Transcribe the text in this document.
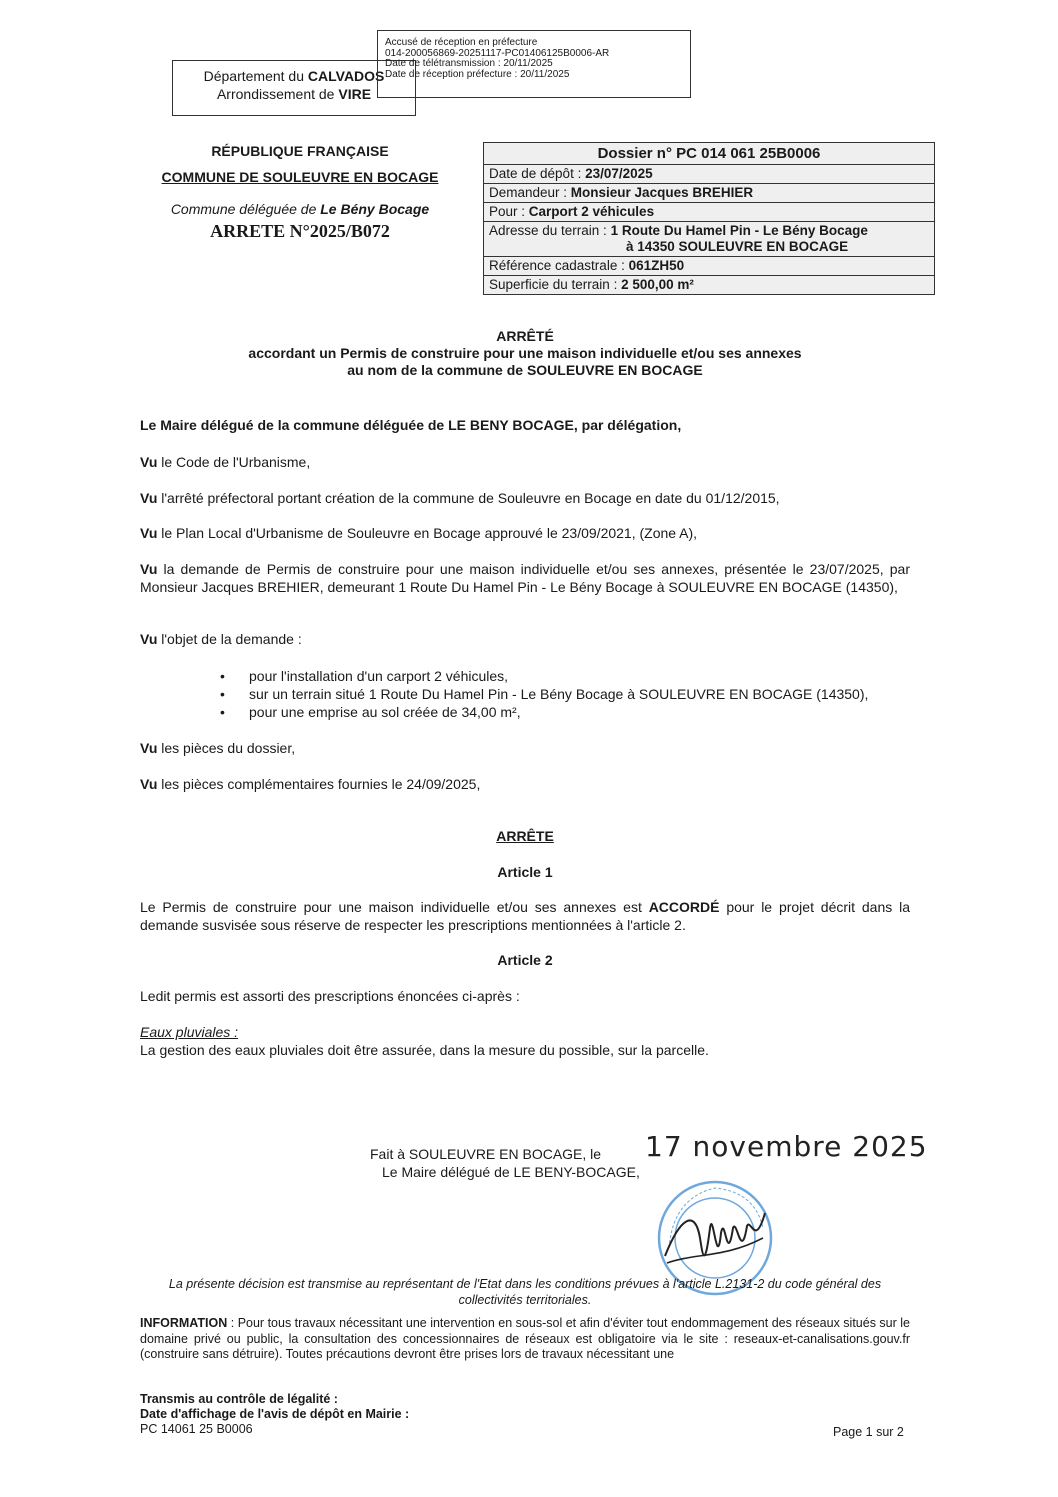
Département du CALVADOS
Arrondissement de VIRE
Accusé de réception en préfecture
014-200056869-20251117-PC01406125B0006-AR
Date de télétransmission : 20/11/2025
Date de réception préfecture : 20/11/2025
RÉPUBLIQUE FRANÇAISE
COMMUNE DE SOULEUVRE EN BOCAGE
Commune déléguée de Le Bény Bocage
ARRETE N°2025/B072
Dossier n° PC 014 061 25B0006
Date de dépôt : 23/07/2025
Demandeur : Monsieur Jacques BREHIER
Pour : Carport 2 véhicules
Adresse du terrain : 1 Route Du Hamel Pin - Le Bény Bocage
à 14350 SOULEUVRE EN BOCAGE
Référence cadastrale : 061ZH50
Superficie du terrain : 2 500,00 m²
ARRÊTÉ
accordant un Permis de construire pour une maison individuelle et/ou ses annexes
au nom de la commune de SOULEUVRE EN BOCAGE
Le Maire délégué de la commune déléguée de LE BENY BOCAGE, par délégation,
Vu le Code de l'Urbanisme,
Vu l'arrêté préfectoral portant création de la commune de Souleuvre en Bocage en date du 01/12/2015,
Vu le Plan Local d'Urbanisme de Souleuvre en Bocage approuvé le 23/09/2021, (Zone A),
Vu la demande de Permis de construire pour une maison individuelle et/ou ses annexes, présentée le 23/07/2025, par Monsieur Jacques BREHIER, demeurant 1 Route Du Hamel Pin - Le Bény Bocage à SOULEUVRE EN BOCAGE (14350),
Vu l'objet de la demande :
• pour l'installation d'un carport 2 véhicules,
• sur un terrain situé 1 Route Du Hamel Pin - Le Bény Bocage à SOULEUVRE EN BOCAGE (14350),
• pour une emprise au sol créée de 34,00 m²,
Vu les pièces du dossier,
Vu les pièces complémentaires fournies le 24/09/2025,
ARRÊTE
Article 1
Le Permis de construire pour une maison individuelle et/ou ses annexes est ACCORDÉ pour le projet décrit dans la demande susvisée sous réserve de respecter les prescriptions mentionnées à l'article 2.
Article 2
Ledit permis est assorti des prescriptions énoncées ci-après :
Eaux pluviales :
La gestion des eaux pluviales doit être assurée, dans la mesure du possible, sur la parcelle.
Fait à SOULEUVRE EN BOCAGE, le 17 novembre 2025
Le Maire délégué de LE BENY-BOCAGE,
La présente décision est transmise au représentant de l'Etat dans les conditions prévues à l'article L.2131-2 du code général des collectivités territoriales.
INFORMATION : Pour tous travaux nécessitant une intervention en sous-sol et afin d'éviter tout endommagement des réseaux situés sur le domaine privé ou public, la consultation des concessionnaires de réseaux est obligatoire via le site : reseaux-et-canalisations.gouv.fr (construire sans détruire). Toutes précautions devront être prises lors de travaux nécessitant une
Transmis au contrôle de légalité :
Date d'affichage de l'avis de dépôt en Mairie :
PC 14061 25 B0006	Page 1 sur 2
